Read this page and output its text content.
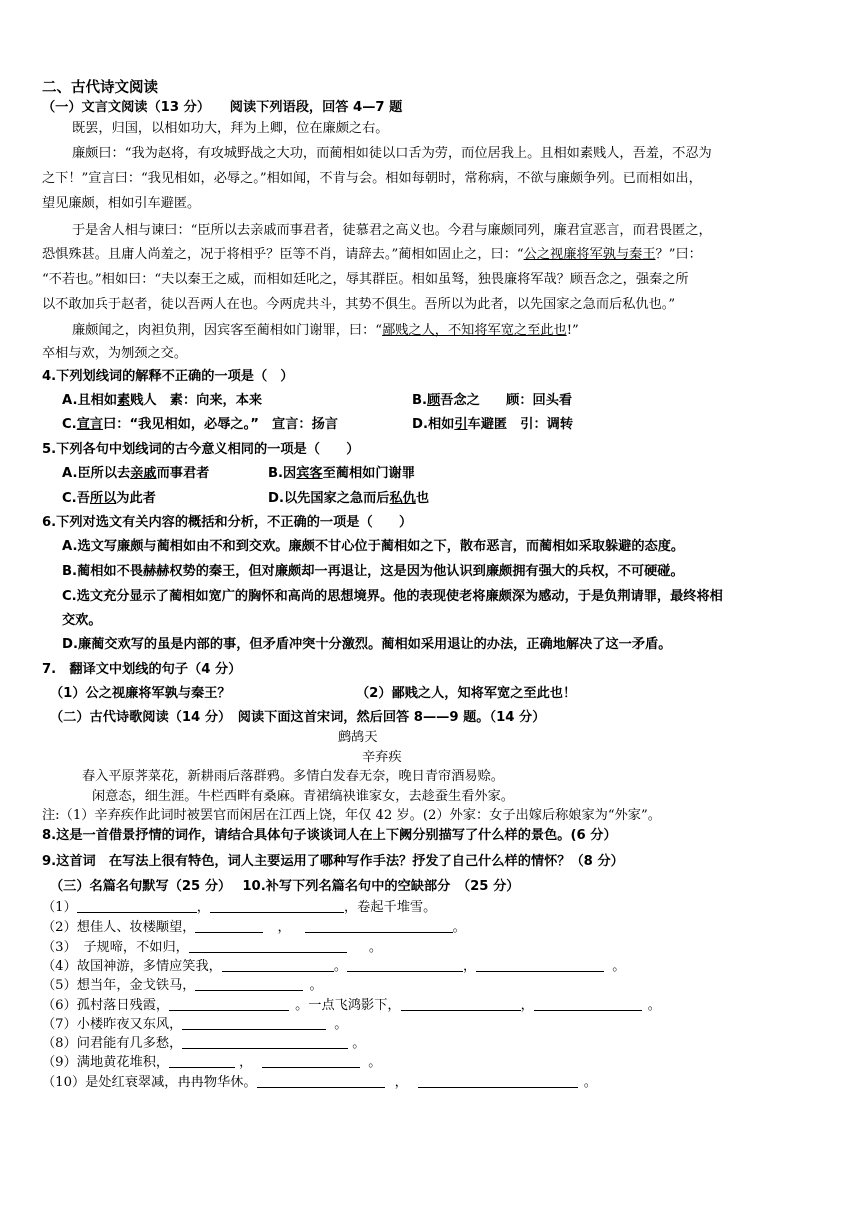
二、古代诗文阅读
（一）文言文阅读（13 分）　　阅读下列语段，回答 4—7 题
既罢，归国，以相如功大，拜为上卿，位在廉颇之右。
廉颇曰：“我为赵将，有攻城野战之大功，而蔺相如徒以口舌为劳，而位居我上。且相如素贱人，吾羞，不忍为
之下！”宣言曰：“我见相如，必辱之。”相如闻，不肯与会。相如每朝时，常称病，不欲与廉颇争列。已而相如出，
望见廉颇，相如引车避匿。
于是舍人相与谏曰：“臣所以去亲戚而事君者，徒慕君之高义也。今君与廉颇同列，廉君宣恶言，而君畏匿之，
恐惧殊甚。且庸人尚羞之，况于将相乎？臣等不肖，请辞去。”蔺相如固止之，曰：“公之视廉将军孰与秦王？”曰：
“不若也。”相如曰：“夫以秦王之威，而相如廷叱之，辱其群臣。相如虽驽，独畏廉将军哉？顾吾念之，强秦之所
以不敢加兵于赵者，徒以吾两人在也。今两虎共斗，其势不俱生。吾所以为此者，以先国家之急而后私仇也。”
廉颇闻之，肉袒负荆，因宾客至蔺相如门谢罪，曰：“鄙贱之人，不知将军宽之至此也!”
卒相与欢，为刎颈之交。
4.下列划线词的解释不正确的一项是（　）
A.且相如素贱人　素：向来，本来	B.顾吾念之　　顾：回头看
C.宣言曰：“我见相如，必辱之。”　宣言：扬言	D.相如引车避匿　引：调转
5.下列各句中划线词的古今意义相同的一项是（　　）
A.臣所以去亲戚而事君者	B.因宾客至蔺相如门谢罪
C.吾所以为此者	D.以先国家之急而后私仇也
6.下列对选文有关内容的概括和分析，不正确的一项是（　　）
A.选文写廉颇与蔺相如由不和到交欢。廉颇不甘心位于蔺相如之下，散布恶言，而蔺相如采取躲避的态度。
B.蔺相如不畏赫赫权势的秦王，但对廉颇却一再退让，这是因为他认识到廉颇拥有强大的兵权，不可硬碰。
C.选文充分显示了蔺相如宽广的胸怀和高尚的思想境界。他的表现使老将廉颇深为感动，于是负荆请罪，最终将相
交欢。
D.廉蔺交欢写的虽是内部的事，但矛盾冲突十分激烈。蔺相如采用退让的办法，正确地解决了这一矛盾。
7.　翻译文中划线的句子（4 分）
（1）公之视廉将军孰与秦王？	（2）鄙贱之人，知将军宽之至此也！
（二）古代诗歌阅读（14 分）　阅读下面这首宋词，然后回答 8——9 题。（14 分）
鹧鸪天
辛弃疾
春入平原荠菜花，新耕雨后落群鸦。多情白发春无奈，晚日青帘酒易赊。
闲意态，细生涯。牛栏西畔有桑麻。青裙缟袂谁家女，去趁蚕生看外家。
注:（1）辛弃疾作此词时被罢官而闲居在江西上饶，年仅 42 岁。(2）外家：女子出嫁后称娘家为“外家”。
8.这是一首借景抒情的词作，请结合具体句子谈谈词人在上下阙分别描写了什么样的景色。(6 分）
9.这首词　在写法上很有特色，词人主要运用了哪种写作手法？抒发了自己什么样的情怀？（8 分）
（三）名篇名句默写（25 分）　 10.补写下列名篇名句中的空缺部分　（25 分）
（1）	，	，卷起千堆雪。
（2）想佳人、妆楼颙望，	，	。
（3）　子规啼，不如归，	。
（4）故国神游，多情应笑我，	。	，	。
（5）想当年，金戈铁马，	。
（6）孤村落日残霞，	。一点飞鸿影下，	，	。
（7）小楼昨夜又东风，	。
（8）问君能有几多愁，	。
（9）满地黄花堆积，	，	。
（10）是处红衰翠减，冉冉物华休。	，	。
